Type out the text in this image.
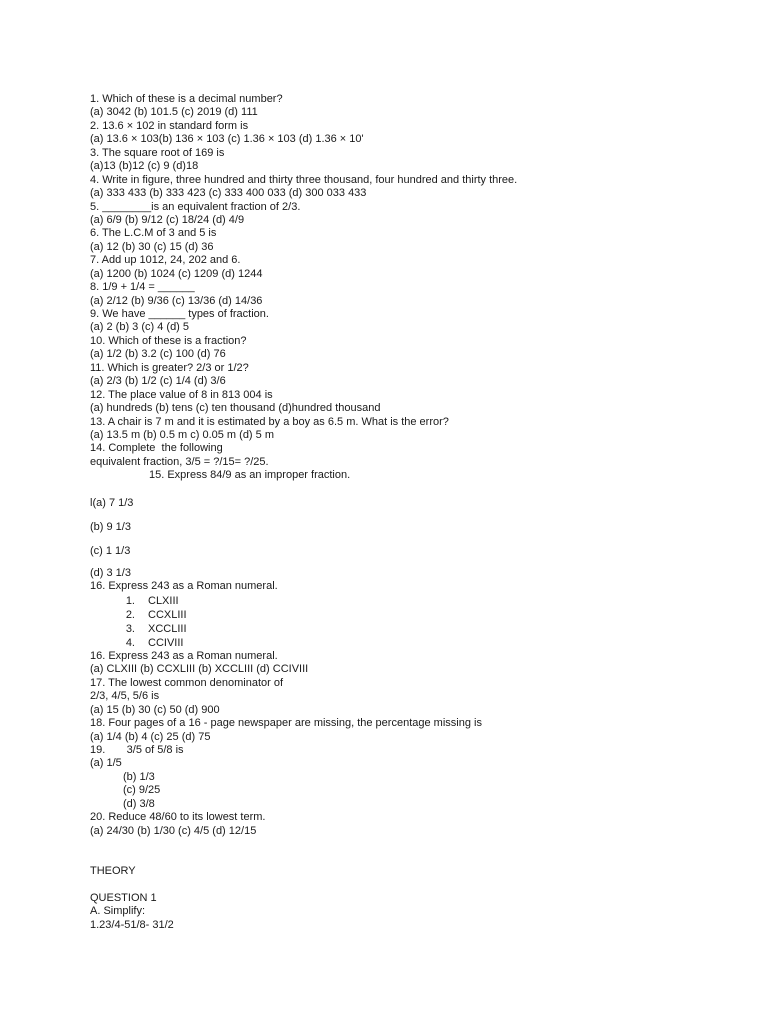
1. Which of these is a decimal number?
(a) 3042 (b) 101.5 (c) 2019 (d) 111
2. 13.6 × 102 in standard form is
(a) 13.6 × 103(b) 136 × 103 (c) 1.36 × 103 (d) 1.36 × 10'
3. The square root of 169 is
(a)13 (b)12 (c) 9 (d)18
4. Write in figure, three hundred and thirty three thousand, four hundred and thirty three.
(a) 333 433 (b) 333 423 (c) 333 400 033 (d) 300 033 433
5. ________is an equivalent fraction of 2/3.
(a) 6/9 (b) 9/12 (c) 18/24 (d) 4/9
6. The L.C.M of 3 and 5 is
(a) 12 (b) 30 (c) 15 (d) 36
7. Add up 1012, 24, 202 and 6.
(a) 1200 (b) 1024 (c) 1209 (d) 1244
8. 1/9 + 1/4 = ______
(a) 2/12 (b) 9/36 (c) 13/36 (d) 14/36
9. We have ______ types of fraction.
(a) 2 (b) 3 (c) 4 (d) 5
10. Which of these is a fraction?
(a) 1/2 (b) 3.2 (c) 100 (d) 76
11. Which is greater? 2/3 or 1/2?
(a) 2/3 (b) 1/2 (c) 1/4 (d) 3/6
12. The place value of 8 in 813 004 is
(a) hundreds (b) tens (c) ten thousand (d)hundred thousand
13. A chair is 7 m and it is estimated by a boy as 6.5 m. What is the error?
(a) 13.5 m (b) 0.5 m c) 0.05 m (d) 5 m
14. Complete  the following
equivalent fraction, 3/5 = ?/15= ?/25.
15. Express 84/9 as an improper fraction.
l(a) 7 1/3
(b) 9 1/3
(c) 1 1/3
(d) 3 1/3
16. Express 243 as a Roman numeral.
1. CLXIII
2. CCXLIII
3. XCCLIII
4. CCIVIII
16. Express 243 as a Roman numeral.
(a) CLXIII (b) CCXLIII (b) XCCLIII (d) CCIVIII
17. The lowest common denominator of
2/3, 4/5, 5/6 is
(a) 15 (b) 30 (c) 50 (d) 900
18. Four pages of a 16 - page newspaper are missing, the percentage missing is
(a) 1/4 (b) 4 (c) 25 (d) 75
19.       3/5 of 5/8 is
(a) 1/5
(b) 1/3
(c) 9/25
(d) 3/8
20. Reduce 48/60 to its lowest term.
(a) 24/30 (b) 1/30 (c) 4/5 (d) 12/15
THEORY
QUESTION 1
A. Simplify:
1.23/4-51/8- 31/2
